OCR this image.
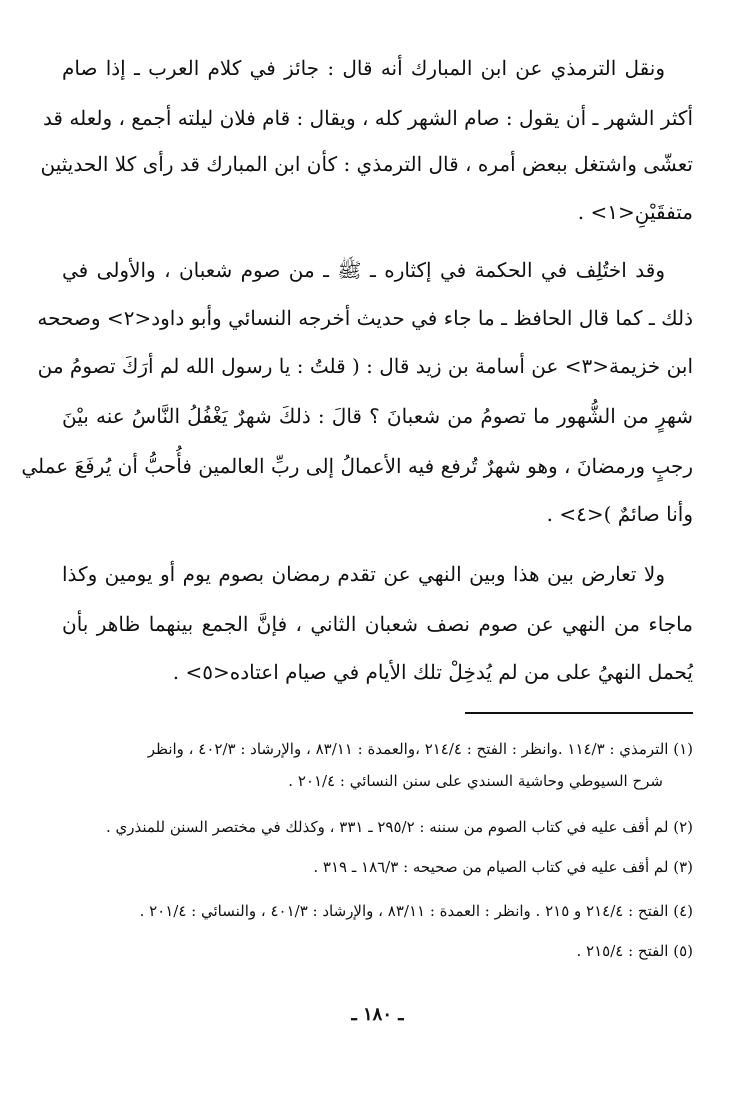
ونقل الترمذي عن ابن المبارك أنه قال : جائز في كلام العرب ـ إذا صام
أكثر الشهر ـ أن يقول : صام الشهر كله ، ويقال : قام فلان ليلته أجمع ، ولعله قد
تعشّى واشتغل ببعض أمره ، قال الترمذي : كأن ابن المبارك قد رأى كلا الحديثين
متفقَيْنِ<١> .
وقد اختُلِف في الحكمة في إكثاره ـ ﷺ ـ من صوم شعبان ، والأولى في
ذلك ـ كما قال الحافظ ـ ما جاء في حديث أخرجه النسائي وأبو داود<٢> وصححه
ابن خزيمة<٣> عن أسامة بن زيد قال : ( قلتُ : يا رسول الله لم أرَكَ تصومُ من
شهرٍ من الشُّهور ما تصومُ من شعبانَ ؟ قالَ : ذلكَ شهرٌ يَغْفُلُ النَّاسُ عنه بيْنَ
رجبٍ ورمضانَ ، وهو شهرٌ تُرفع فيه الأعمالُ إلى ربِّ العالمين فأُحبُّ أن يُرفَعَ عملي
وأنا صائمٌ )<٤> .
ولا تعارض بين هذا وبين النهي عن تقدم رمضان بصوم يوم أو يومين وكذا
ماجاء من النهي عن صوم نصف شعبان الثاني ، فإنَّ الجمع بينهما ظاهر بأن
يُحمل النهيُ على من لم يُدخِلْ تلك الأيام في صيام اعتاده<٥> .
(١) الترمذي : ١١٤/٣ .وانظر : الفتح : ٢١٤/٤ ،والعمدة : ٨٣/١١ ، والإرشاد : ٤٠٢/٣ ، وانظر
شرح السيوطي وحاشية السندي على سنن النسائي : ٢٠١/٤ .
(٢) لم أقف عليه في كتاب الصوم من سننه : ٢٩٥/٢ ـ ٣٣١ ، وكذلك في مختصر السنن للمنذري .
(٣) لم أقف عليه في كتاب الصيام من صحيحه : ١٨٦/٣ ـ ٣١٩ .
(٤) الفتح : ٢١٤/٤ و ٢١٥ . وانظر : العمدة : ٨٣/١١ ، والإرشاد : ٤٠١/٣ ، والنسائي : ٢٠١/٤ .
(٥) الفتح : ٢١٥/٤ .
ـ ١٨٠ ـ
